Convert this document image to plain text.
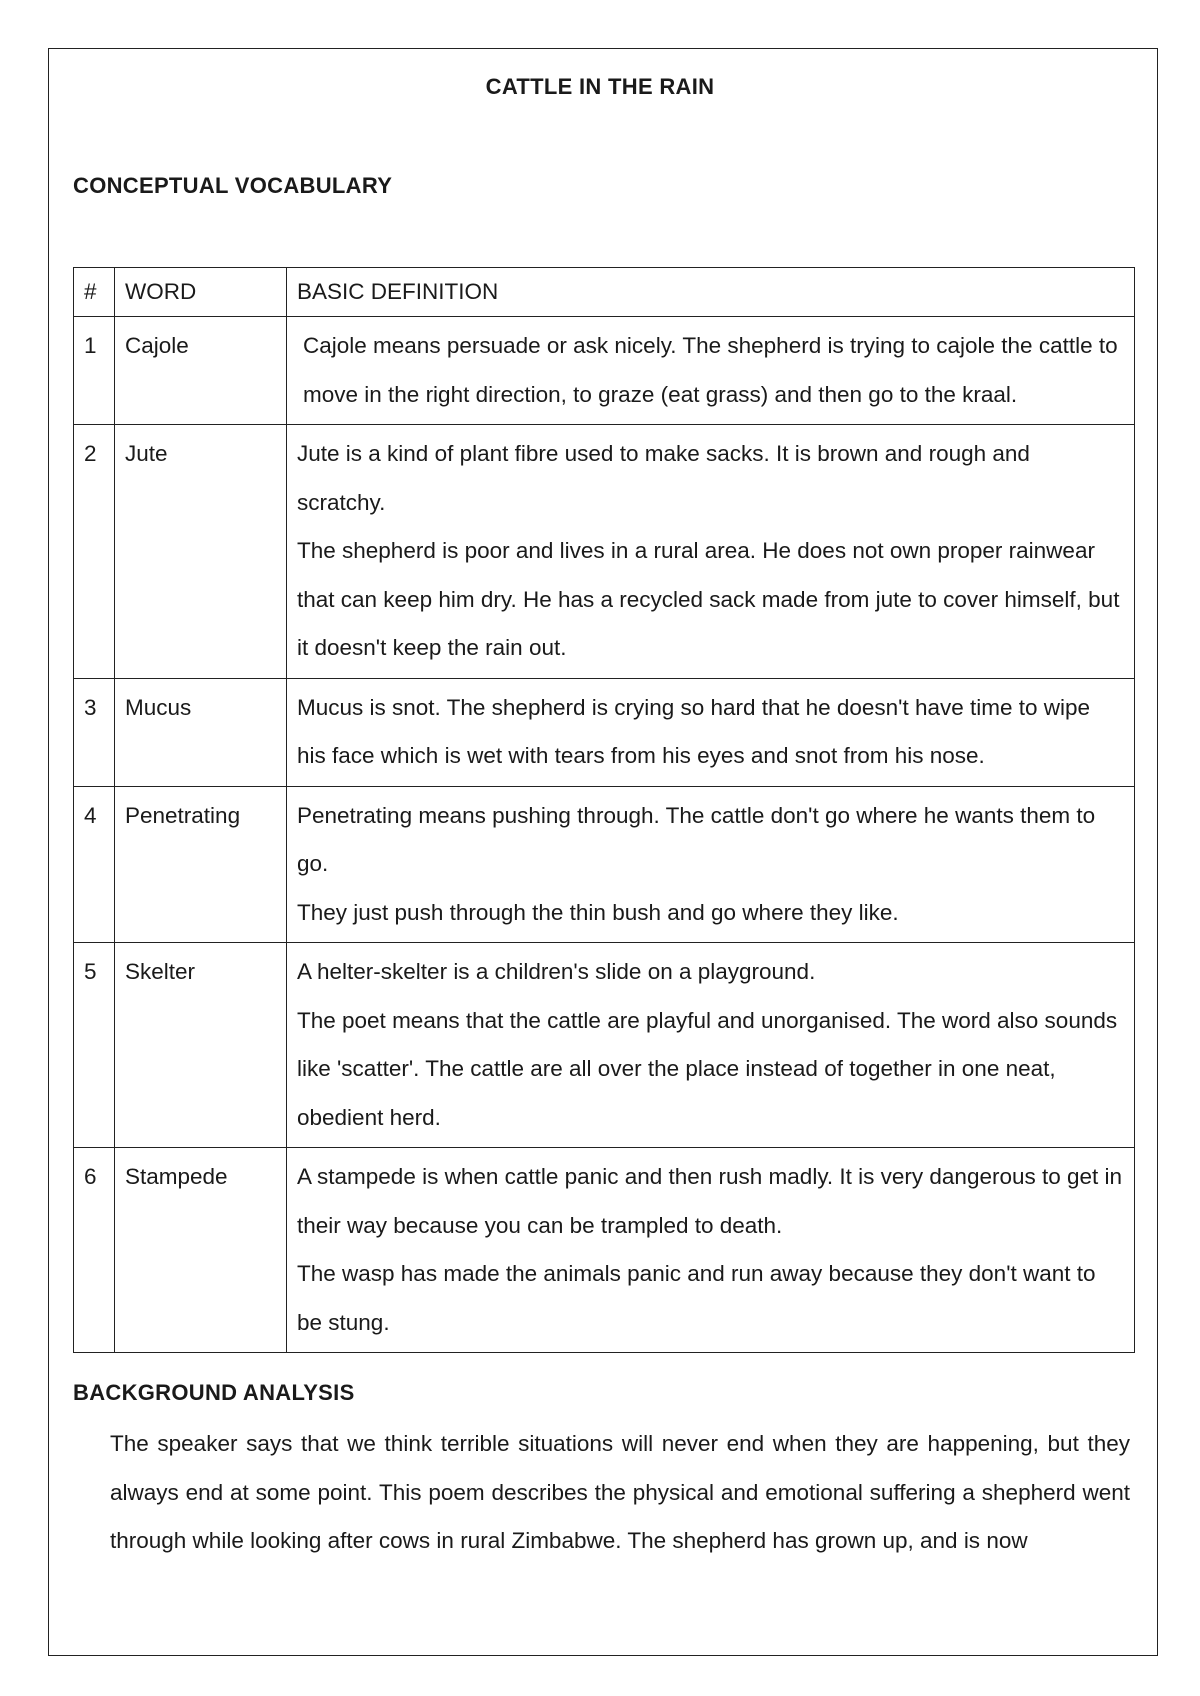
CATTLE IN THE RAIN
CONCEPTUAL VOCABULARY
#	WORD	BASIC DEFINITION
1	Cajole	Cajole means persuade or ask nicely. The shepherd is trying to cajole the cattle to move in the right direction, to graze (eat grass) and then go to the kraal.

2	Jute	Jute is a kind of plant fibre used to make sacks. It is brown and rough and scratchy.
The shepherd is poor and lives in a rural area. He does not own proper rainwear that can keep him dry. He has a recycled sack made from jute to cover himself, but it doesn't keep the rain out.

3	Mucus	Mucus is snot. The shepherd is crying so hard that he doesn't have time to wipe his face which is wet with tears from his eyes and snot from his nose.

4	Penetrating	Penetrating means pushing through. The cattle don't go where he wants them to go.
They just push through the thin bush and go where they like.

5	Skelter	A helter-skelter is a children's slide on a playground.
The poet means that the cattle are playful and unorganised. The word also sounds like 'scatter'. The cattle are all over the place instead of together in one neat, obedient herd.

6	Stampede	A stampede is when cattle panic and then rush madly. It is very dangerous to get in their way because you can be trampled to death.
The wasp has made the animals panic and run away because they don't want to be stung.
BACKGROUND ANALYSIS
The speaker says that we think terrible situations will never end when they are happening, but they always end at some point. This poem describes the physical and emotional suffering a shepherd went through while looking after cows in rural Zimbabwe. The shepherd has grown up, and is now
